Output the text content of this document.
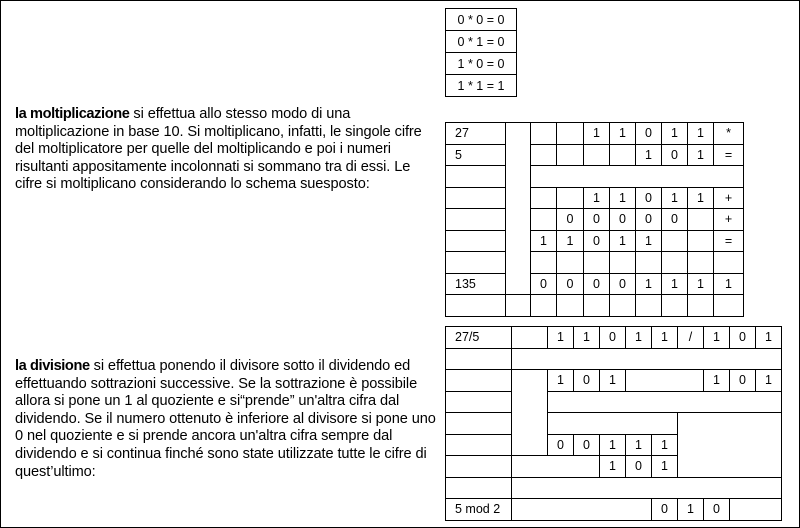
0 * 0 = 0
0 * 1 = 0
1 * 0 = 0
1 * 1 = 1

la moltiplicazione si effettua allo stesso modo di una moltiplicazione in base 10. Si moltiplicano, infatti, le singole cifre del moltiplicatore per quelle del moltiplicando e poi i numeri risultanti appositamente incolonnati si sommano tra di essi. Le cifre si moltiplicano considerando lo schema suesposto:

27				1	1	0	1	1	*
5						1	0	1	=

				1	1	0	1	1	+
			0	0	0	0	0		+
		1	1	0	1	1			=

135		0	0	0	0	1	1	1	1

la divisione si effettua ponendo il divisore sotto il dividendo ed effettuando sottrazioni successive. Se la sottrazione è possibile allora si pone un 1 al quoziente e si“prende” un'altra cifra dal dividendo. Se il numero ottenuto è inferiore al divisore si pone uno 0 nel quoziente e si prende ancora un'altra cifra sempre dal dividendo e si continua finché sono state utilizzate tutte le cifre di quest’ultimo:

27/5		1	1	0	1	1	/	1	0	1

		1	0	1				1	0	1

		0	0	1	1	1				
				1	0	1				

5 mod 2						0	1	0		
